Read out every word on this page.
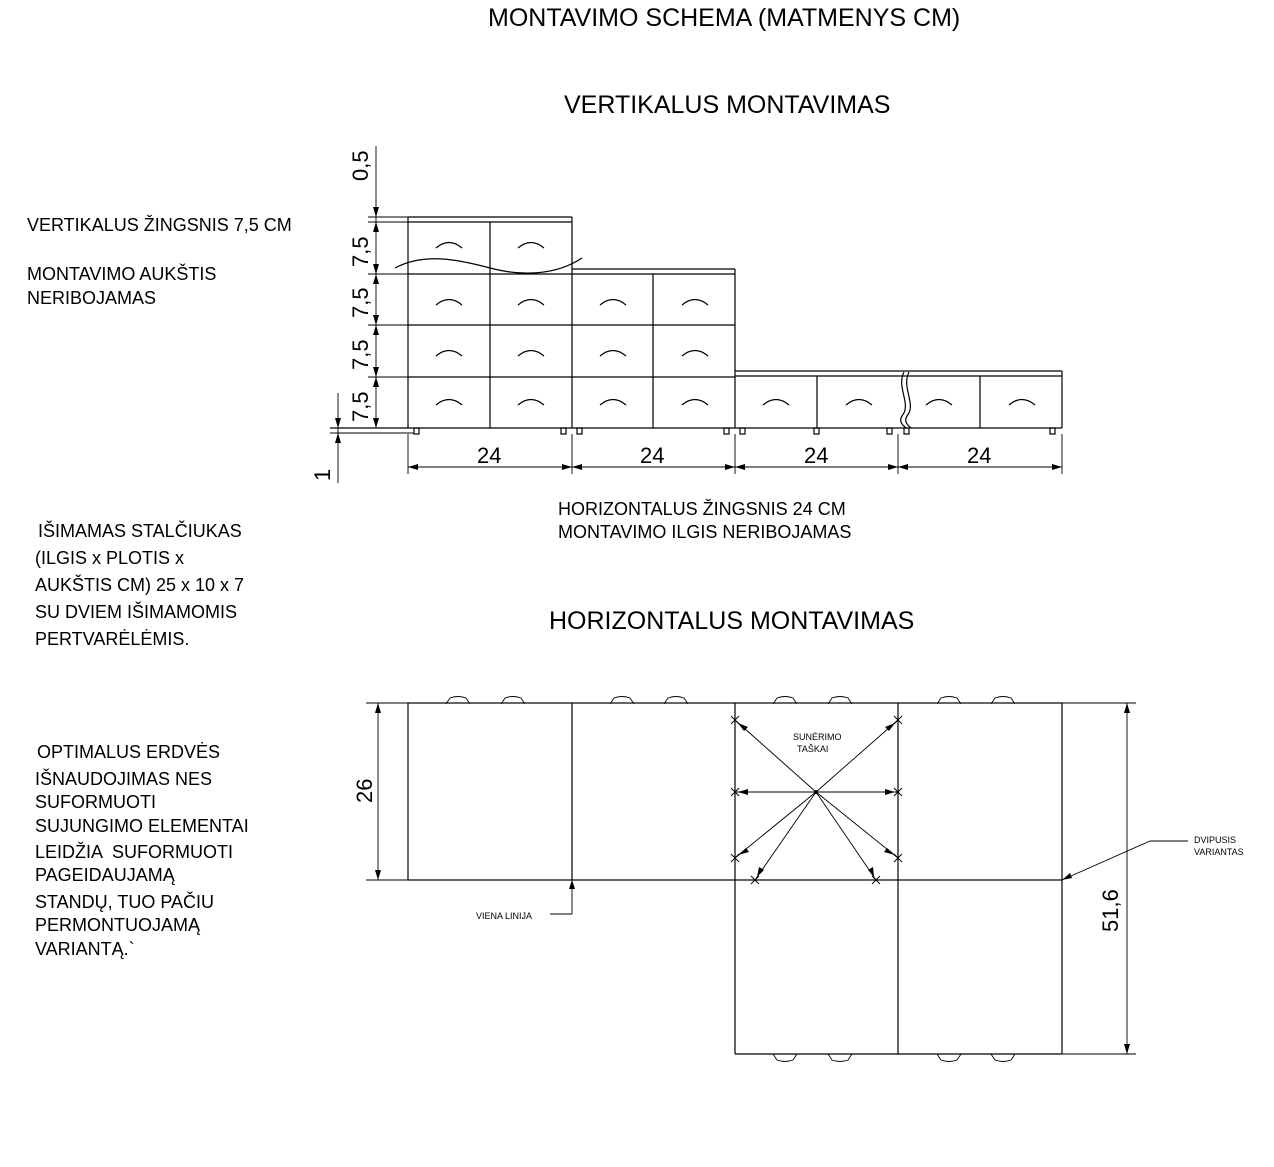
MONTAVIMO SCHEMA (MATMENYS CM)
VERTIKALUS MONTAVIMAS
HORIZONTALUS MONTAVIMAS
VERTIKALUS ŽINGSNIS 7,5 CM
MONTAVIMO AUKŠTIS
NERIBOJAMAS
IŠIMAMAS STALČIUKAS
(ILGIS x PLOTIS x
AUKŠTIS CM) 25 x 10 x 7
SU DVIEM IŠIMAMOMIS
PERTVARĖLĖMIS.
OPTIMALUS ERDVĖS
IŠNAUDOJIMAS NES
SUFORMUOTI
SUJUNGIMO ELEMENTAI
LEIDŽIA  SUFORMUOTI
PAGEIDAUJAMĄ
STANDŲ, TUO PAČIU
PERMONTUOJAMĄ
VARIANTĄ.`
HORIZONTALUS ŽINGSNIS 24 CM
MONTAVIMO ILGIS NERIBOJAMAS
SUNĖRIMO
TAŠKAI
VIENA LINIJA
DVIPUSIS
VARIANTAS
0,5
7,5
7,5
7,5
7,5
1
24	24	24	24
26
51,6
